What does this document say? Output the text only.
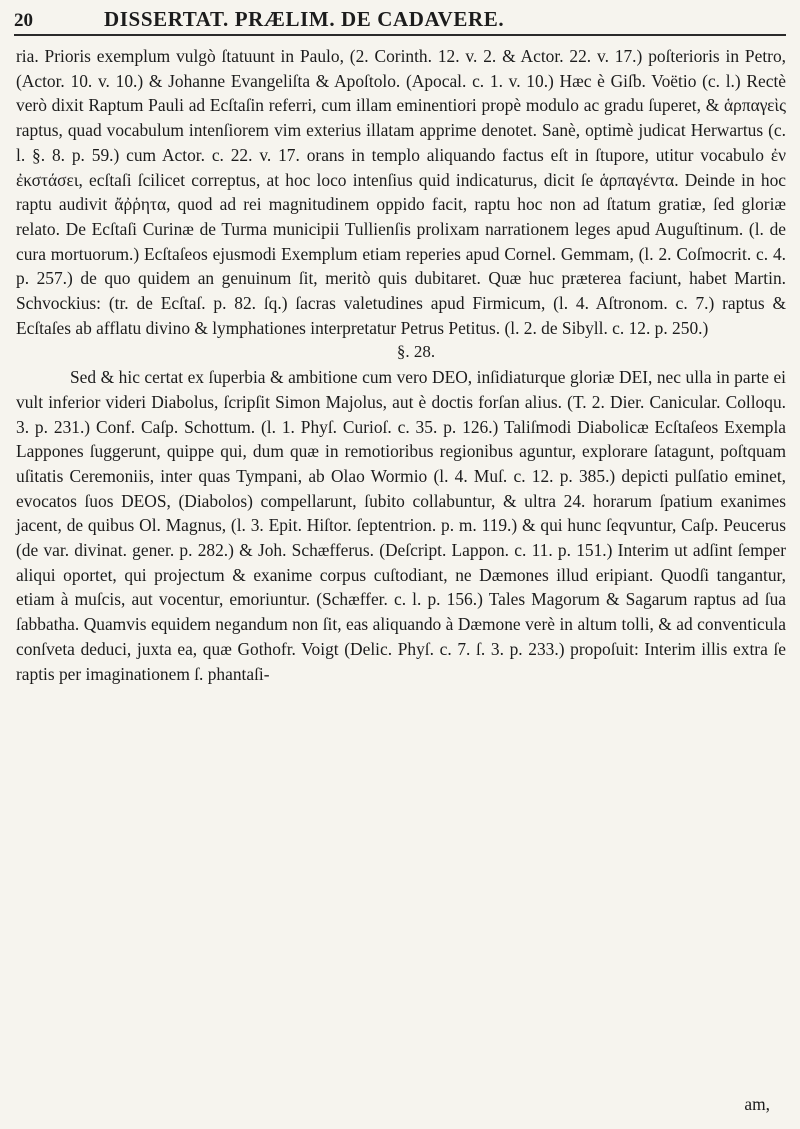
20	DISSERTAT. PRÆLIM. DE CADAVERE.

ria. Prioris exemplum vulgò ſtatuunt in Paulo, (2. Corinth. 12. v. 2. & Actor. 22. v. 17.) poſterioris in Petro, (Actor. 10. v. 10.) & Johanne Evangeliſta & Apoſtolo. (Apocal. c. 1. v. 10.) Hæc è Giſb. Voëtio (c. l.) Rectè verò dixit Raptum Pauli ad Ecſtaſin referri, cum illam eminentiori propè modulo ac gradu ſuperet, & ἁρπαγεὶς raptus, quad vocabulum intenſiorem vim exterius illatam apprime denotet. Sanè, optimè judicat Herwartus (c. l. §. 8. p. 59.) cum Actor. c. 22. v. 17. orans in templo aliquando factus eſt in ſtupore, utitur vocabulo ἐν ἐκστάσει, ecſtaſi ſcilicet correptus, at hoc loco intenſius quid indicaturus, dicit ſe ἁρπαγέντα. Deinde in hoc raptu audivit ἄῤῥητα, quod ad rei magnitudinem oppido facit, raptu hoc non ad ſtatum gratiæ, ſed gloriæ relato. De Ecſtaſi Curinæ de Turma municipii Tullienſis prolixam narrationem leges apud Auguſtinum. (l. de cura mortuorum.) Ecſtaſeos ejusmodi Exemplum etiam reperies apud Cornel. Gemmam, (l. 2. Coſmocrit. c. 4. p. 257.) de quo quidem an genuinum ſit, meritò quis dubitaret. Quæ huc præterea faciunt, habet Martin. Schvockius: (tr. de Ecſtaſ. p. 82. ſq.) ſacras valetudines apud Firmicum, (l. 4. Aſtronom. c. 7.) raptus & Ecſtaſes ab afflatu divino & lymphationes interpretatur Petrus Petitus. (l. 2. de Sibyll. c. 12. p. 250.)

§. 28.

Sed & hic certat ex ſuperbia & ambitione cum vero DEO, inſidiaturque gloriæ DEI, nec ulla in parte ei vult inferior videri Diabolus, ſcripſit Simon Majolus, aut è doctis forſan alius. (T. 2. Dier. Canicular. Colloqu. 3. p. 231.) Conf. Caſp. Schottum. (l. 1. Phyſ. Curioſ. c. 35. p. 126.) Taliſmodi Diabolicæ Ecſtaſeos Exempla Lappones ſuggerunt, quippe qui, dum quæ in remotioribus regionibus aguntur, explorare ſatagunt, poſtquam uſitatis Ceremoniis, inter quas Tympani, ab Olao Wormio (l. 4. Muſ. c. 12. p. 385.) depicti pulſatio eminet, evocatos ſuos DEOS, (Diabolos) compellarunt, ſubito collabuntur, & ultra 24. horarum ſpatium exanimes jacent, de quibus Ol. Magnus, (l. 3. Epit. Hiſtor. ſeptentrion. p. m. 119.) & qui hunc ſeqvuntur, Caſp. Peucerus (de var. divinat. gener. p. 282.) & Joh. Schæfferus. (Deſcript. Lappon. c. 11. p. 151.) Interim ut adſint ſemper aliqui oportet, qui projectum & exanime corpus cuſtodiant, ne Dæmones illud eripiant. Quodſi tangantur, etiam à muſcis, aut vocentur, emoriuntur. (Schæffer. c. l. p. 156.) Tales Magorum & Sagarum raptus ad ſua ſabbatha. Quamvis equidem negandum non ſit, eas aliquando à Dæmone verè in altum tolli, & ad conventicula conſveta deduci, juxta ea, quæ Gothofr. Voigt (Delic. Phyſ. c. 7. ſ. 3. p. 233.) propoſuit: Interim illis extra ſe raptis per imaginationem ſ. phantaſi-

am,
